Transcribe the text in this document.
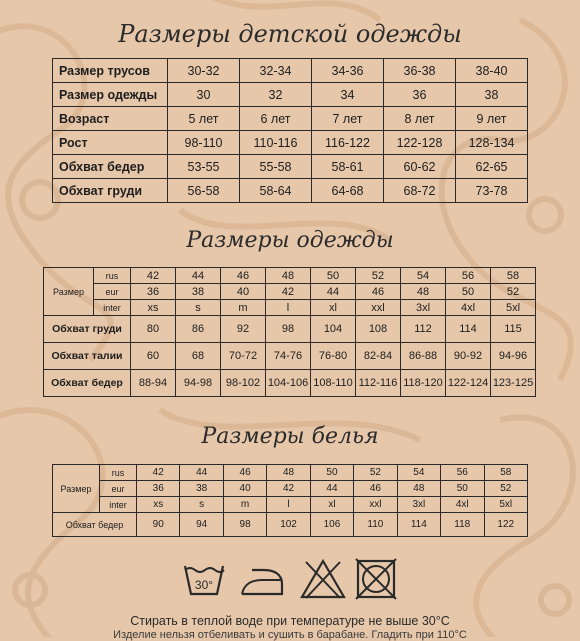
Размеры детской одежды
Размер трусов	30-32	32-34	34-36	36-38	38-40
Размер одежды	30	32	34	36	38
Возраст	5 лет	6 лет	7 лет	8 лет	9 лет
Рост	98-110	110-116	116-122	122-128	128-134
Обхват бедер	53-55	55-58	58-61	60-62	62-65
Обхват груди	56-58	58-64	64-68	68-72	73-78
Размеры одежды
Размер	rus	42	44	46	48	50	52	54	56	58
	eur	36	38	40	42	44	46	48	50	52
	inter	xs	s	m	l	xl	xxl	3xl	4xl	5xl
Обхват груди		80	86	92	98	104	108	112	114	115
Обхват талии		60	68	70-72	74-76	76-80	82-84	86-88	90-92	94-96
Обхват бедер		88-94	94-98	98-102	104-106	108-110	112-116	118-120	122-124	123-125
Размеры белья
Размер	rus	42	44	46	48	50	52	54	56	58
	eur	36	38	40	42	44	46	48	50	52
	inter	xs	s	m	l	xl	xxl	3xl	4xl	5xl
Обхват бедер		90	94	98	102	106	110	114	118	122
30°
Стирать в теплой воде при температуре не выше 30°C
Изделие нельзя отбеливать и сушить в барабане. Гладить при 110°C
